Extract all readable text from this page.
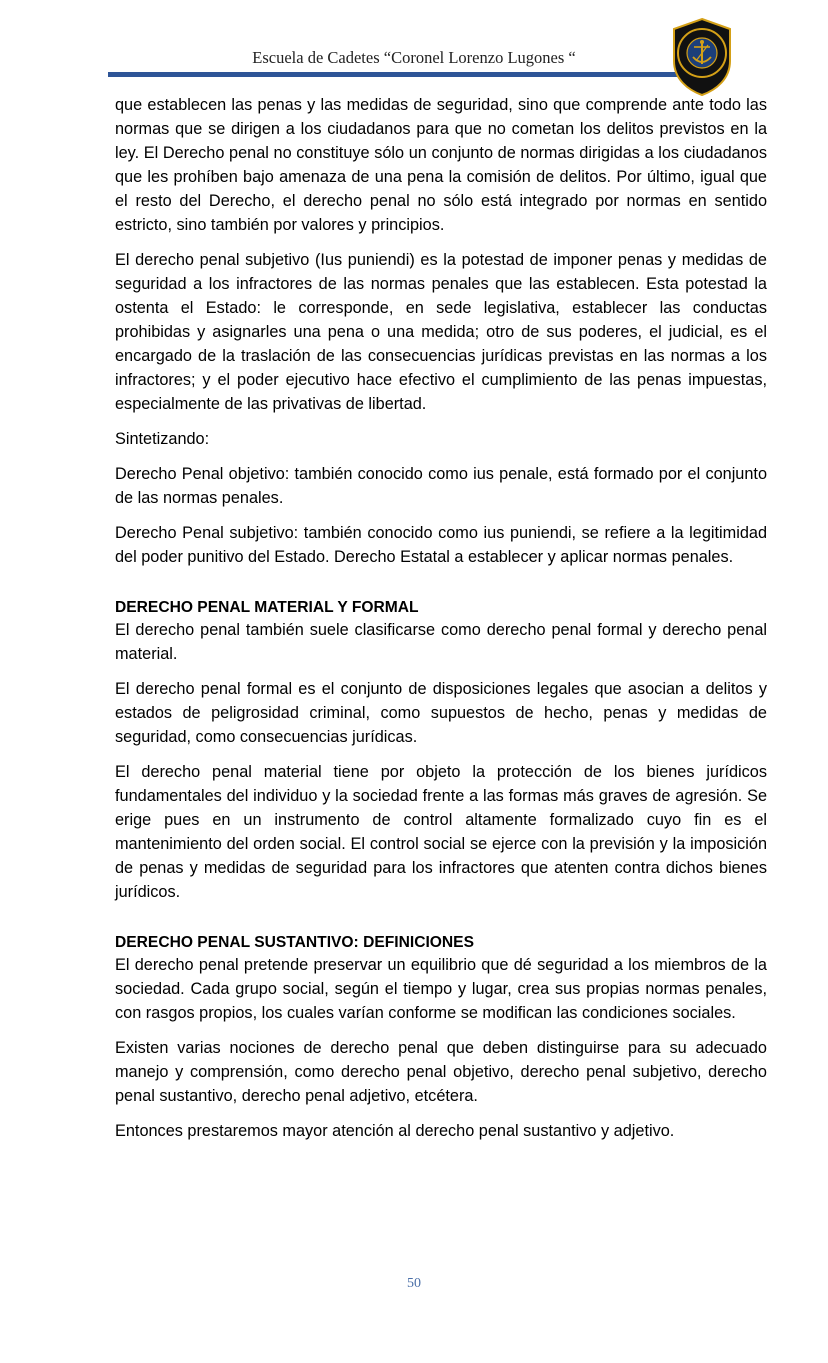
Escuela de Cadetes “Coronel Lorenzo Lugones “

que establecen las penas y las medidas de seguridad, sino que comprende ante todo las normas que se dirigen a los ciudadanos para que no cometan los delitos previstos en la ley. El Derecho penal no constituye sólo un conjunto de normas dirigidas a los ciudadanos que les prohíben bajo amenaza de una pena la comisión de delitos. Por último, igual que el resto del Derecho, el derecho penal no sólo está integrado por normas en sentido estricto, sino también por valores y principios.

El derecho penal subjetivo (Ius puniendi) es la potestad de imponer penas y medidas de seguridad a los infractores de las normas penales que las establecen. Esta potestad la ostenta el Estado: le corresponde, en sede legislativa, establecer las conductas prohibidas y asignarles una pena o una medida; otro de sus poderes, el judicial, es el encargado de la traslación de las consecuencias jurídicas previstas en las normas a los infractores; y el poder ejecutivo hace efectivo el cumplimiento de las penas impuestas, especialmente de las privativas de libertad.

Sintetizando:

Derecho Penal objetivo: también conocido como ius penale, está formado por el conjunto de las normas penales.

Derecho Penal subjetivo: también conocido como ius puniendi, se refiere a la legitimidad del poder punitivo del Estado. Derecho Estatal a establecer y aplicar normas penales.

DERECHO PENAL MATERIAL Y FORMAL

El derecho penal también suele clasificarse como derecho penal formal y derecho penal material.

El derecho penal formal es el conjunto de disposiciones legales que asocian a delitos y estados de peligrosidad criminal, como supuestos de hecho, penas y medidas de seguridad, como consecuencias jurídicas.

El derecho penal material tiene por objeto la protección de los bienes jurídicos fundamentales del individuo y la sociedad frente a las formas más graves de agresión. Se erige pues en un instrumento de control altamente formalizado cuyo fin es el mantenimiento del orden social. El control social se ejerce con la previsión y la imposición de penas y medidas de seguridad para los infractores que atenten contra dichos bienes jurídicos.

DERECHO PENAL SUSTANTIVO: DEFINICIONES

El derecho penal pretende preservar un equilibrio que dé seguridad a los miembros de la sociedad. Cada grupo social, según el tiempo y lugar, crea sus propias normas penales, con rasgos propios, los cuales varían conforme se modifican las condiciones sociales.

Existen varias nociones de derecho penal que deben distinguirse para su adecuado manejo y comprensión, como derecho penal objetivo, derecho penal subjetivo, derecho penal sustantivo, derecho penal adjetivo, etcétera.

Entonces prestaremos mayor atención al derecho penal sustantivo y adjetivo.

50
